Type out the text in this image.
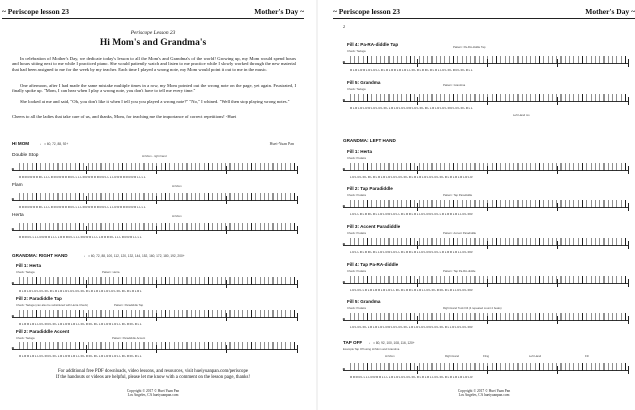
~ Periscope lesson 23	Mother's Day ~
Periscope Lesson 23
Hi Mom's and Grandma's
In celebration of Mother's Day, we dedicate today's lesson to all the Mom's and Grandma's of the world! Growing up, my Mom would spend hours and hours sitting next to me while I practiced piano. She would patiently watch and listen to me practice while I slowly worked through the new material that had been assigned to me for the week by my teacher. Each time I played a wrong note, my Mom would point it out to me in the music.
One afternoon, after I had made the same mistake multiple times in a row, my Mom pointed out the wrong note on the page, yet again. Frustrated, I finally spoke up. "Mom, I can hear when I play a wrong note, you don't have to tell me every time."
She looked at me and said, "Oh, you don't like it when I tell you you played a wrong note?" "No," I whined. "Well then stop playing wrong notes."
Cheers to all the ladies that take care of us, and thanks, Mom, for teaching me the importance of correct repetitions! -Huei
HI MOM	♩ = 60, 72, 88, 92+	Huei-Yuan Pan
Double Stop	Hi Mom - right hand
𝄥
RRRRRRRRLLLLRRRRRRRRLLLLRRRRRRRRLLLLRRRRRRRRLLLL
Flam	Hi Mom
𝄥
RRRRRRRRLLLLRRRRRRRRLLLLRRRRRRRRLLLLRRRRRRRRLLLL
Herta	Hi Mom
𝄥
RRRRLLLLRRRRLLLLRRRRLLLLRRRRLLLLRRRRLLLLRRRRLLLL
GRANDMA: RIGHT HAND	♩ = 60, 72, 88, 100, 112, 120, 132, 144, 152, 160, 172, 180, 192, 200+
Fill 1: Herta
Check: Tadoga	Pattern: Herta
𝄥
RLRLRLRLRLRLRLRLRLRLRLRLRLRLRLRLRLRLRLRLRLRLRLRL
Fill 2: Paradiddle Tap
Check: Tadoga (can also be substituted with Herta Check)	Pattern: Paradiddle Tap
𝄥
RLRRLRLLRLRRLRLLRLRRLRLLRLRRLRLLRLRRLRLLRLRRLRLL
Fill 2: Paradiddle Accent
Check: Tadoga	Pattern: Paradiddle Accent
𝄥
RLRRLRLLRLRRLRLLRLRRLRLLRLRRLRLLRLRRLRLLRLRRLRLL
For additional free PDF downloads, video lessons, and resources, visit hueiyuanpan.com/periscope
If the handouts or videos are helpful, please let me know with a comment on the lesson page, thanks!
Copyright © 2017 © Huei Yuan Pan
Los Angeles, CA hueiyuanpan.com
~ Periscope lesson 23	Mother's Day ~
2
Fill 4: Pa-RA-diddle Tap
Check: Tadoga
Pattern: Pa-RA-diddle Tap
𝄥
RLRLRRLRLRLLRLRLRRLRLRLLRLRLRRLRLRLLRLRLRRLRLRLL
Fill 5: Grandma
Check: Tadoga
Pattern: Grandma
𝄥
RLRLRLRRLRLRLRLLRLRLRLRRLRLRLRLLRLRLRLRRLRLRLRLL
Left Hand ms
GRANDMA: LEFT HAND
Fill 1: Herta
Check: Pudaza
𝄥
LRLRLRLRLRLRLRLRLRLRLRLRLRLRLRLRLRLRLRLRLRLRLRLR
Fill 2: Tap Paradiddle
Check: Pudaza	Pattern: Tap Paradiddle
𝄥
LRLLRLRRLRLLRLRRLRLLRLRRLRLLRLRRLRLLRLRRLRLLRLRR
Fill 3: Accent Paradiddle
Check: Pudaza	Pattern: Accent Paradiddle
𝄥
LRLLRLRRLRLLRLRRLRLLRLRRLRLLRLRRLRLLRLRRLRLLRLRR
Fill 4: Tap Pa-RA-diddle
Check: Pudaza	Pattern: Tap Pa-RA-diddle
𝄥
LRLRLLRLRLRRLRLRLLRLRLRRLRLRLLRLRLRRLRLRLLRLRLRR
Fill 5: Grandma
Check: Pudaza	Right Hand Tuck Fill (4 repeated count 2 beats)
𝄥
LRLRLRLLRLRLRLRRLRLRLRLLRLRLRLRRLRLRLRLLRLRLRLRR
TAP OFF ♩ = 80, 92, 100, 108, 116, 120+
Example Tap Off using Hi Mom and Grandma
Hi Mom	Right Hand	Fling	Left Hand	Fill
𝄥
RRRRLLLLRRRRLLLLRLRLRLRLRLRLRLRLLRLRLRLRLRLRLRLR
Copyright © 2017 © Huei Yuan Pan
Los Angeles, CA hueiyuanpan.com
